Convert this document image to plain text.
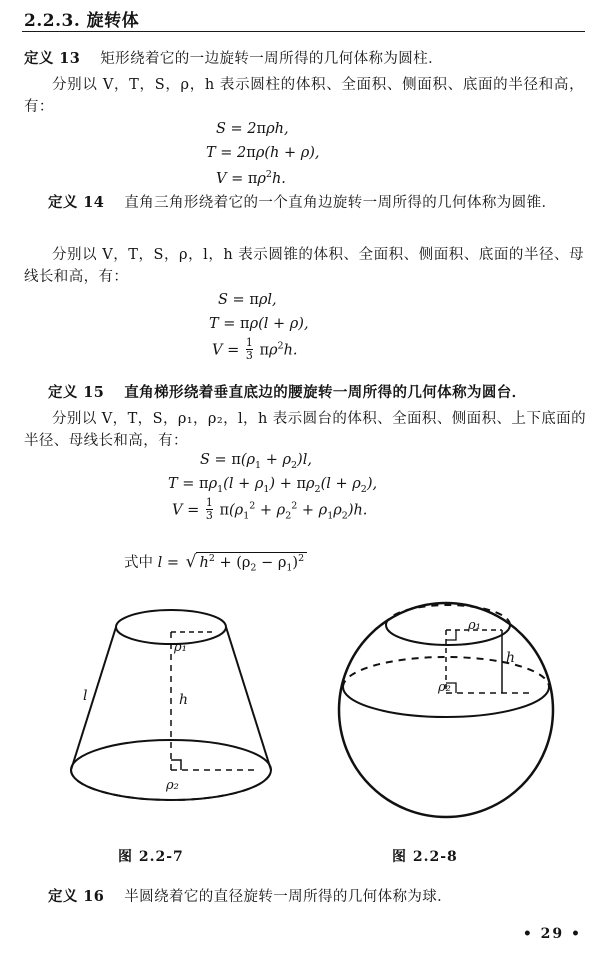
2.2.3. 旋转体
定义 13 矩形绕着它的一边旋转一周所得的几何体称为圆柱．
分别以 V，T，S，ρ，h 表示圆柱的体积、全面积、侧面积、底面的半径和高，有：
S = 2πρh,
T = 2πρ(h + ρ),
$V = \pi\rho^2h$.
定义 14 直角三角形绕着它的一个直角边旋转一周所得的几何体称为圆锥．
分别以 V，T，S，ρ，l，h 表示圆锥的体积、全面积、侧面积、底面的半径、母线长和高，有：
S = πρl,
T = πρ(l + ρ),
$V = \frac{1}{3} \pi\rho^2h$.
定义 15 直角梯形绕着垂直底边的腰旋转一周所得的几何体称为圆台．
分别以 V，T，S，ρ₁，ρ₂，l，h 表示圆台的体积、全面积、侧面积、上下底面的半径、母线长和高，有：
$S = \pi(\rho_1 + \rho_2)l$,
$T = \pi\rho_1(l + \rho_1) + \pi\rho_2(l + \rho_2)$,
$V = \frac{1}{3} \pi(\rho_1^2 + \rho_2^2 + \rho_1\rho_2)h$.
式中 l = √ $h^2 + (\rho_2 - \rho_1)^2$
ρ₁
ρ₂
l	h
ρ₁
ρ₂
h
图 2.2-7	图 2.2-8
定义 16 半圆绕着它的直径旋转一周所得的几何体称为球．
• 29 •
